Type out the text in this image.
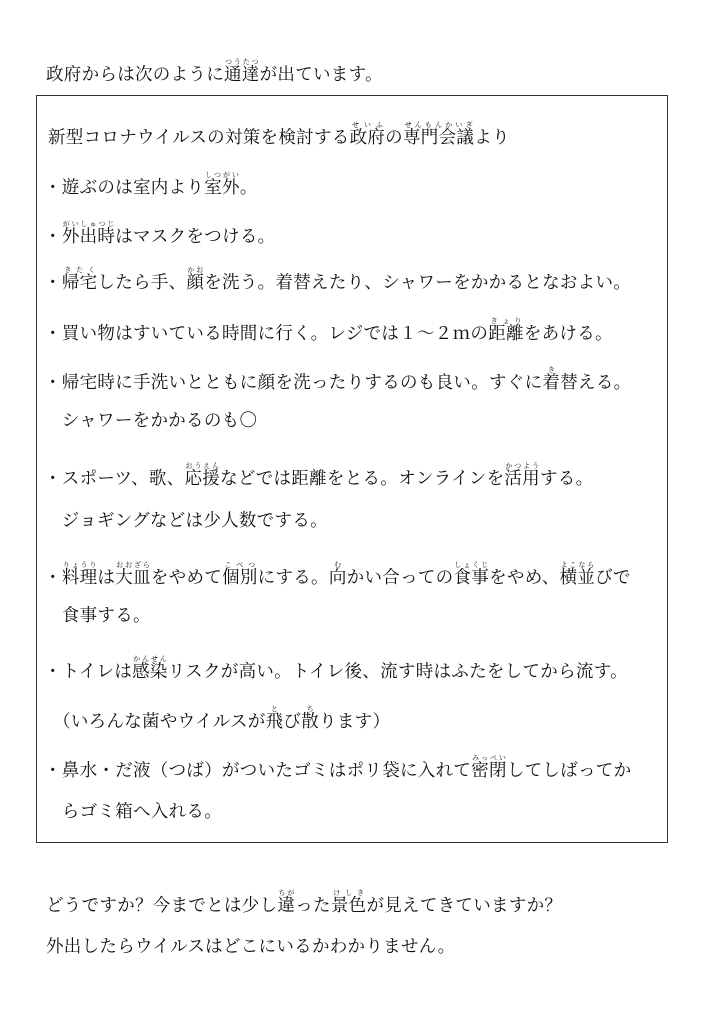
政府からは次のように通達つうたつが出ています。
新型コロナウイルスの対策を検討する政府せいふの専門会議せんもんかいぎより
・遊ぶのは室内より室外しつがい。
・外出時がいしゅつじはマスクをつける。
・帰宅きたくしたら手、顔かおを洗う。着替えたり、シャワーをかかるとなおよい。
・買い物はすいている時間に行く。レジでは１～２ｍの距離きょりをあける。
・帰宅時に手洗いとともに顔を洗ったりするのも良い。すぐに着き替える。
　シャワーをかかるのも〇
・スポーツ、歌、応援おうえんなどでは距離をとる。オンラインを活用かつようする。
　ジョギングなどは少人数でする。
・料理りょうりは大皿おおざらをやめて個別こべつにする。向むかい合っての食事しょくじをやめ、横並よこならびで
　食事する。
・トイレは感染かんせんリスクが高い。トイレ後、流す時はふたをしてから流す。
　（いろんな菌やウイルスが飛とび散ちります）
・鼻水・だ液（つば）がついたゴミはポリ袋に入れて密閉みっぺいしてしばってか
　らゴミ箱へ入れる。
どうですか？今までとは少し違ちがった景色けしきが見えてきていますか？
外出したらウイルスはどこにいるかわかりません。
